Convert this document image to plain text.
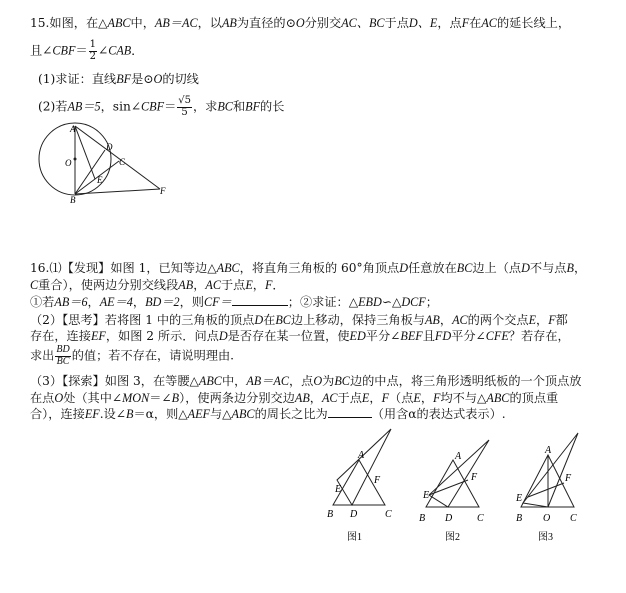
15.如图，在△ABC中，AB＝AC，以AB为直径的⊙O分别交AC、BC于点D、E，点F在AC的延长线上，
且∠CBF＝ $\frac{1}{2}$ ∠CAB．
(1)求证：直线BF是⊙O的切线
(2)若AB＝5，sin∠CBF＝ $\frac{√5}{5}$ ，求BC和BF的长
A
D
C
O
E
F
B
16.⑴【发现】如图 1，已知等边△ABC，将直角三角板的 60°角顶点D任意放在BC边上（点D不与点B，
C重合），使两边分别交线段AB，AC于点E，F．
①若AB＝6，AE＝4，BD＝2，则CF＝	；②求证：△EBD∽△DCF；
（2）【思考】若将图 1 中的三角板的顶点D在BC边上移动，保持三角板与AB，AC的两个交点E，F都
存在，连接EF，如图 2 所示．问点D是否存在某一位置，使ED平分∠BEF且FD平分∠CFE？若存在，
求出 $\frac{BD}{BC}$ 的值；若不存在，请说明理由.
（3）【探索】如图 3，在等腰△ABC中，AB＝AC，点O为BC边的中点，将三角形透明纸板的一个顶点放
在点O处（其中∠MON＝∠B），使两条边分别交边AB，AC于点E，F（点E，F均不与△ABC的顶点重
合），连接EF.设∠B＝α，则△AEF与△ABC的周长之比为	（用含α的表达式表示）.
A
E
F
B D	C
图1
A
E
F
B D C
图2
A
E
F
B O C
图3
